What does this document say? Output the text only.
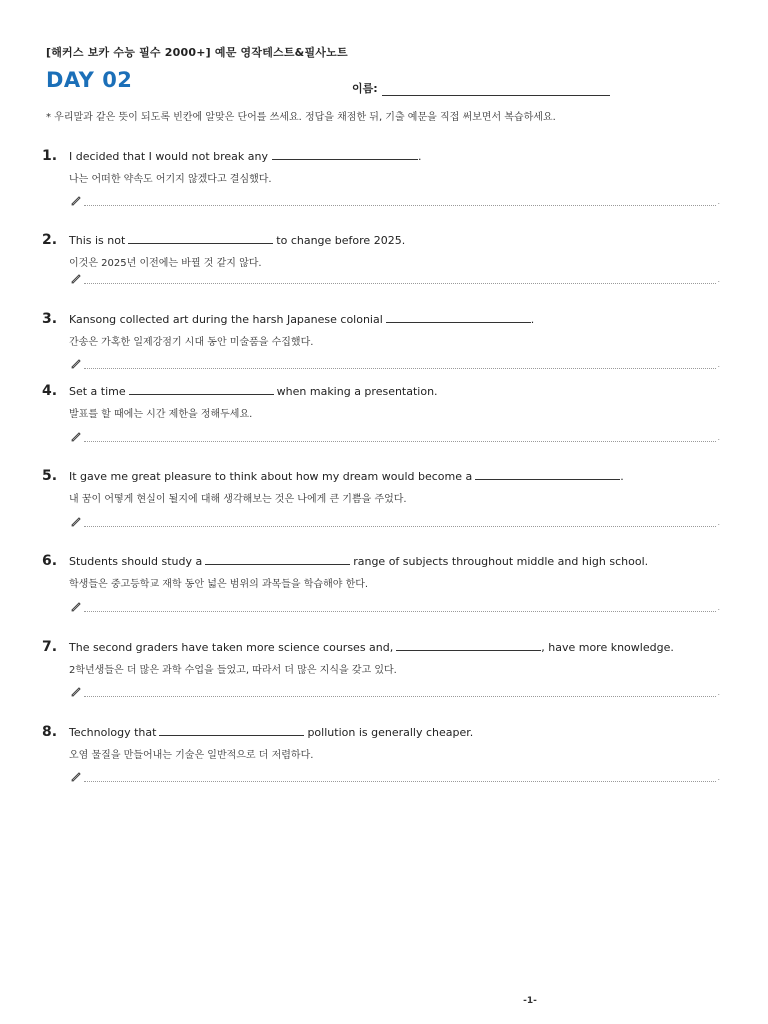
[해커스 보카 수능 필수 2000+] 예문 영작테스트&필사노트
DAY 02	이름:
* 우리말과 같은 뜻이 되도록 빈칸에 알맞은 단어를 쓰세요. 정답을 채점한 뒤, 기출 예문을 직접 써보면서 복습하세요.
1.	I decided that I would not break any	.
나는 어떠한 약속도 어기지 않겠다고 결심했다.
.
2.	This is not	to change before 2025.
이것은 2025년 이전에는 바뀔 것 같지 않다.
.
3.	Kansong collected art during the harsh Japanese colonial	.
간송은 가혹한 일제강점기 시대 동안 미술품을 수집했다.
.
4.	Set a time	when making a presentation.
발표를 할 때에는 시간 제한을 정해두세요.
.
5.	It gave me great pleasure to think about how my dream would become a	.
내 꿈이 어떻게 현실이 될지에 대해 생각해보는 것은 나에게 큰 기쁨을 주었다.
.
6.	Students should study a	range of subjects throughout middle and high school.
학생들은 중고등학교 재학 동안 넓은 범위의 과목들을 학습해야 한다.
.
7.	The second graders have taken more science courses and,	, have more knowledge.
2학년생들은 더 많은 과학 수업을 들었고, 따라서 더 많은 지식을 갖고 있다.
.
8.	Technology that	pollution is generally cheaper.
오염 물질을 만들어내는 기술은 일반적으로 더 저렴하다.
.
-1-
